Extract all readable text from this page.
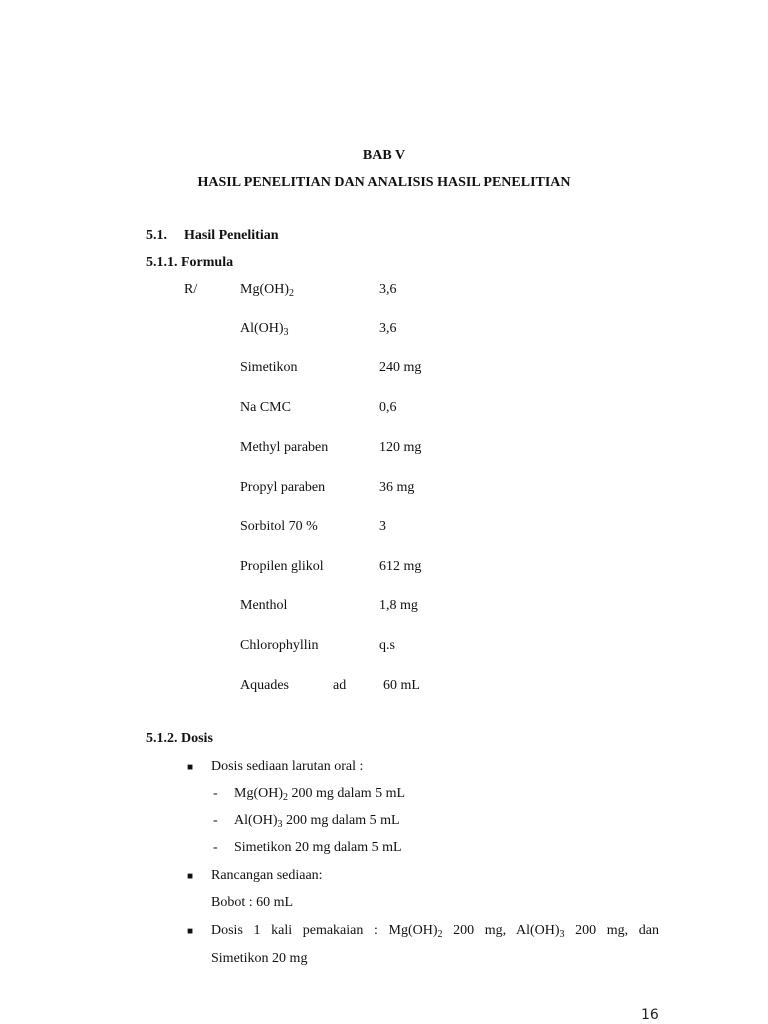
BAB V
HASIL PENELITIAN DAN ANALISIS HASIL PENELITIAN
5.1. Hasil Penelitian
5.1.1. Formula
R/	$Mg(OH)_2$	3,6
$Al(OH)_3$	3,6
Simetikon	240 mg
Na CMC	0,6
Methyl paraben	120 mg
Propyl paraben	36 mg
Sorbitol 70 %	3
Propilen glikol	612 mg
Menthol	1,8 mg
Chlorophyllin	q.s
Aquades	ad	60 mL
5.1.2. Dosis
■ Dosis sediaan larutan oral :
- $Mg(OH)_2$ 200 mg dalam 5 mL
- $Al(OH)_3$ 200 mg dalam 5 mL
- Simetikon 20 mg dalam 5 mL
■ Rancangan sediaan:
Bobot : 60 mL
■ Dosis 1 kali pemakaian : $Mg(OH)_2$ 200 mg, $Al(OH)_3$ 200 mg, dan
Simetikon 20 mg
16
